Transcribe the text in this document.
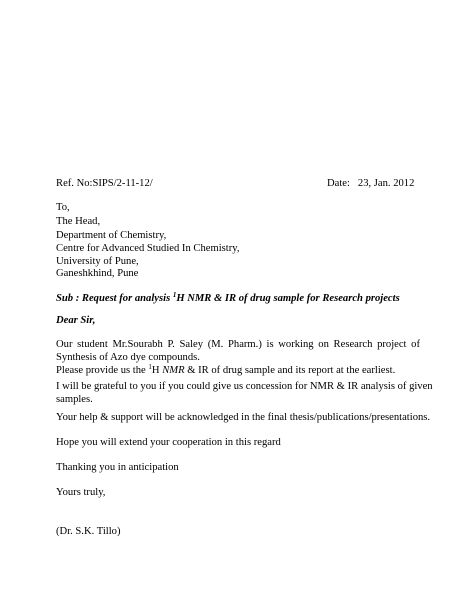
Ref. No:SIPS/2-11-12/	Date: 23, Jan. 2012
To,
The Head,
Department of Chemistry,
Centre for Advanced Studied In Chemistry,
University of Pune,
Ganeshkhind, Pune
Sub : Request for analysis $^1$H NMR & IR of drug sample for Research projects
Dear Sir,
Our student Mr.Sourabh P. Saley (M. Pharm.) is working on Research project of
Synthesis of Azo dye compounds.
Please provide us the $^1$H NMR & IR of drug sample and its report at the earliest.
I will be grateful to you if you could give us concession for NMR & IR analysis of given
samples.
Your help & support will be acknowledged in the final thesis/publications/presentations.
Hope you will extend your cooperation in this regard
Thanking you in anticipation
Yours truly,
(Dr. S.K. Tillo)
